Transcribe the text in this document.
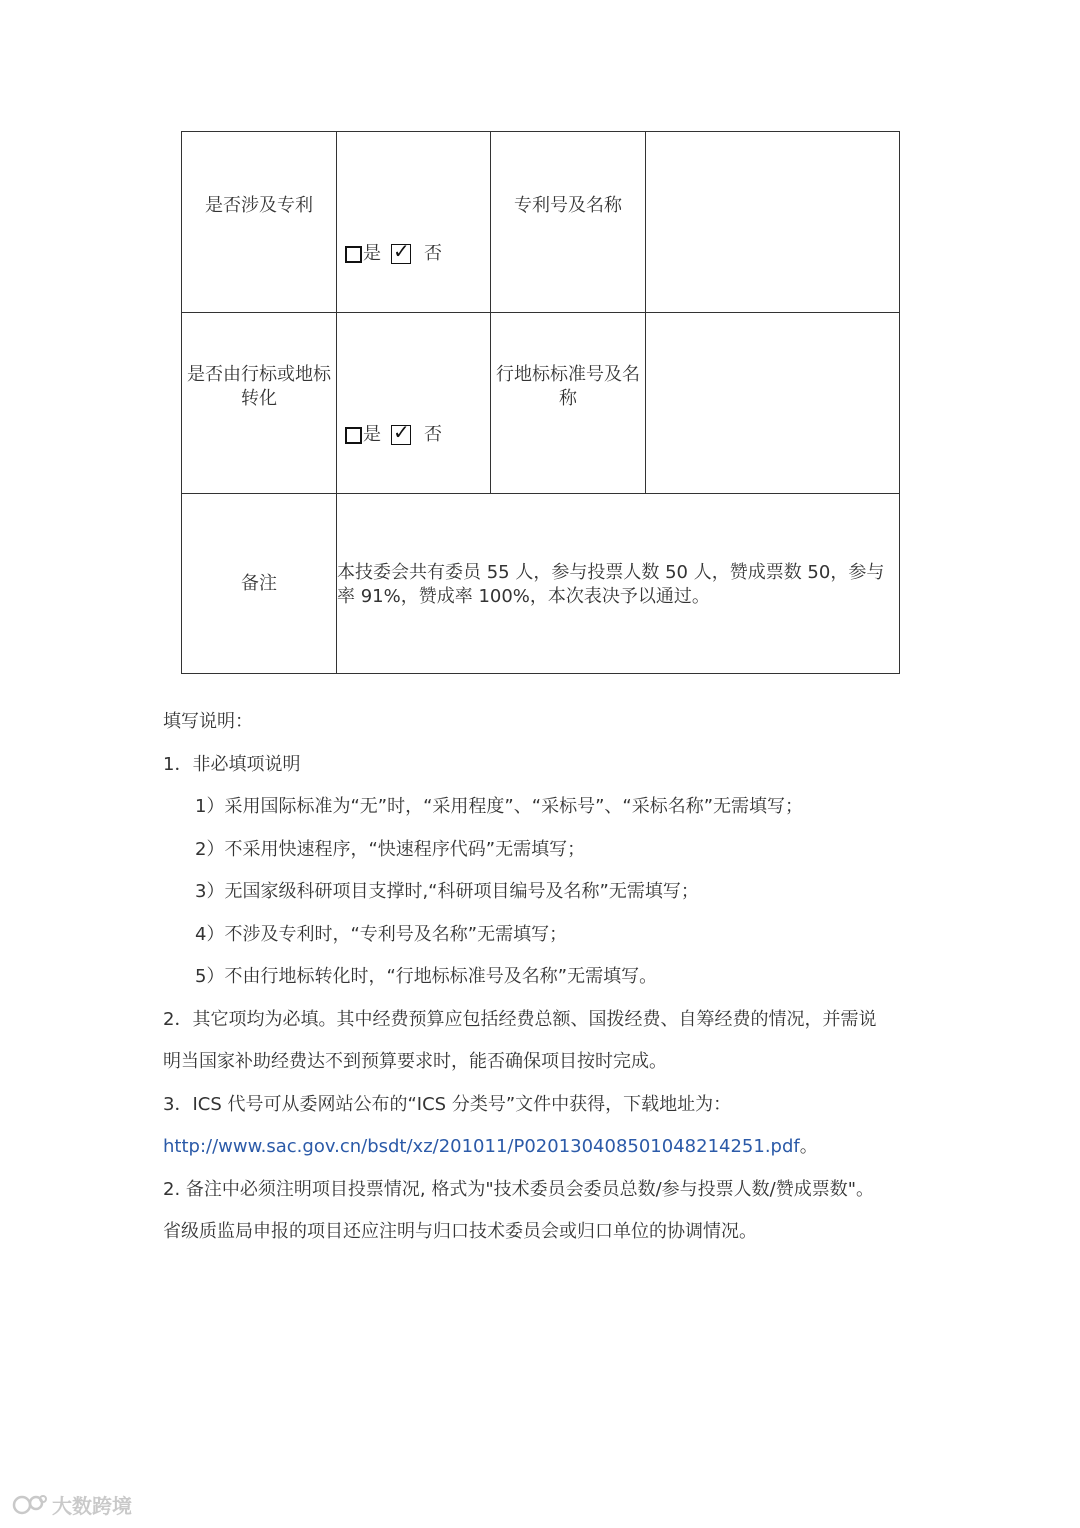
是否涉及专利	是 ✓ 否	专利号及名称	
是否由行标或地标转化	是 ✓ 否	行地标标准号及名称	
备注	本技委会共有委员 55 人，参与投票人数 50 人，赞成票数 50，参与率 91%，赞成率 100%，本次表决予以通过。		

填写说明：

1．非必填项说明

1）采用国际标准为“无”时，“采用程度”、“采标号”、“采标名称”无需填写；

2）不采用快速程序，“快速程序代码”无需填写；

3）无国家级科研项目支撑时,“科研项目编号及名称”无需填写；

4）不涉及专利时，“专利号及名称”无需填写；

5）不由行地标转化时，“行地标标准号及名称”无需填写。

2．其它项均为必填。其中经费预算应包括经费总额、国拨经费、自筹经费的情况，并需说

明当国家补助经费达不到预算要求时，能否确保项目按时完成。

3．ICS 代号可从委网站公布的“ICS 分类号”文件中获得，下载地址为：

http://www.sac.gov.cn/bsdt/xz/201011/P020130408501048214251.pdf。

2. 备注中必须注明项目投票情况, 格式为"技术委员会委员总数/参与投票人数/赞成票数"。

省级质监局申报的项目还应注明与归口技术委员会或归口单位的协调情况。

大数跨境
